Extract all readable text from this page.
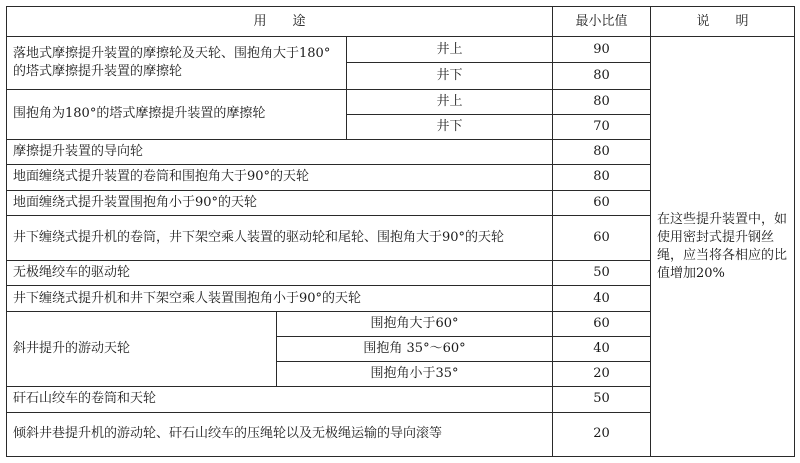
用　　途			最小比值	说　　明
落地式摩擦提升装置的摩擦轮及天轮、围抱角大于180°的塔式摩擦提升装置的摩擦轮		井上	90	在这些提升装置中，如使用密封式提升钢丝绳，应当将各相应的比值增加20%
		井下	80	
围抱角为180°的塔式摩擦提升装置的摩擦轮		井上	80	
		井下	70	
摩擦提升装置的导向轮			80	
地面缠绕式提升装置的卷筒和围抱角大于90°的天轮			80	
地面缠绕式提升装置围抱角小于90°的天轮			60	
井下缠绕式提升机的卷筒，井下架空乘人装置的驱动轮和尾轮、围抱角大于90°的天轮			60	
无极绳绞车的驱动轮			50	
井下缠绕式提升机和井下架空乘人装置围抱角小于90°的天轮			40	
斜井提升的游动天轮	围抱角大于60°		60	
	围抱角 35°～60°		40	
	围抱角小于35°		20	
矸石山绞车的卷筒和天轮			50	
倾斜井巷提升机的游动轮、矸石山绞车的压绳轮以及无极绳运输的导向滚等			20	
